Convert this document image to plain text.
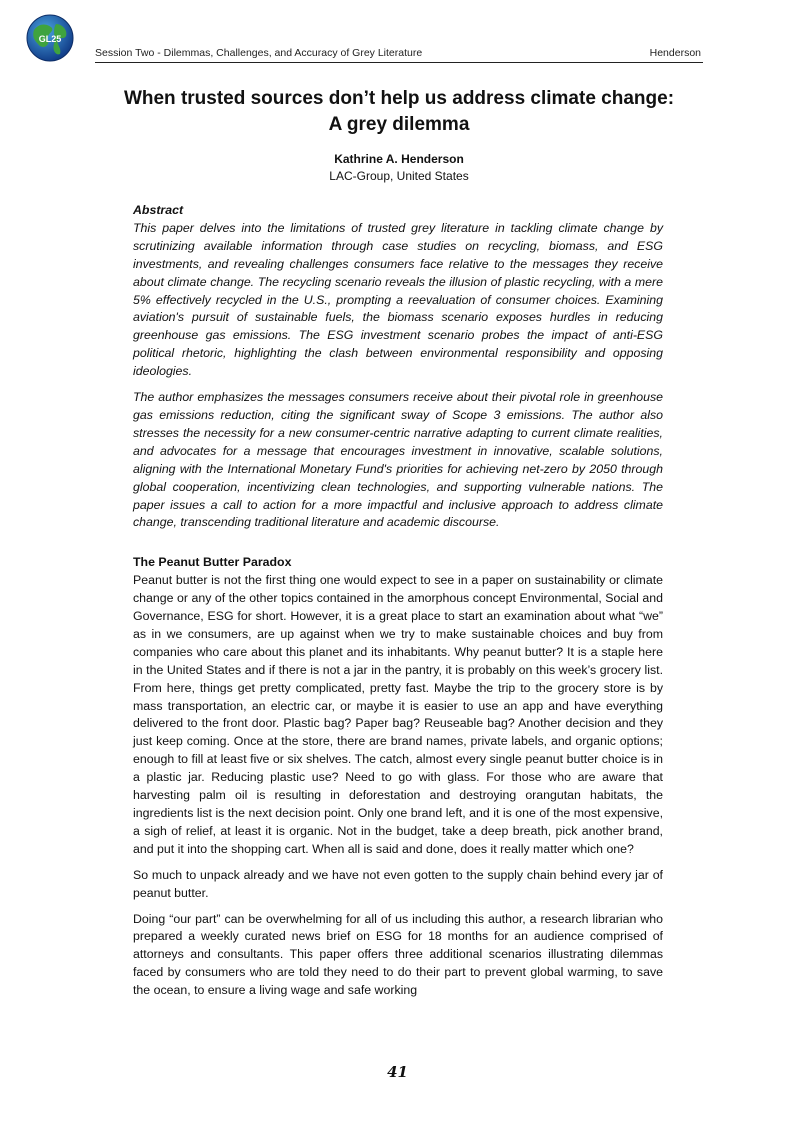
GL25
Session Two - Dilemmas, Challenges, and Accuracy of Grey Literature	Henderson
When trusted sources don’t help us address climate change:
A grey dilemma
Kathrine A. Henderson
LAC-Group, United States
Abstract

This paper delves into the limitations of trusted grey literature in tackling climate change by scrutinizing available information through case studies on recycling, biomass, and ESG investments, and revealing challenges consumers face relative to the messages they receive about climate change. The recycling scenario reveals the illusion of plastic recycling, with a mere 5% effectively recycled in the U.S., prompting a reevaluation of consumer choices. Examining aviation's pursuit of sustainable fuels, the biomass scenario exposes hurdles in reducing greenhouse gas emissions. The ESG investment scenario probes the impact of anti-ESG political rhetoric, highlighting the clash between environmental responsibility and opposing ideologies.

The author emphasizes the messages consumers receive about their pivotal role in greenhouse gas emissions reduction, citing the significant sway of Scope 3 emissions. The author also stresses the necessity for a new consumer-centric narrative adapting to current climate realities, and advocates for a message that encourages investment in innovative, scalable solutions, aligning with the International Monetary Fund's priorities for achieving net-zero by 2050 through global cooperation, incentivizing clean technologies, and supporting vulnerable nations. The paper issues a call to action for a more impactful and inclusive approach to address climate change, transcending traditional literature and academic discourse.

The Peanut Butter Paradox

Peanut butter is not the first thing one would expect to see in a paper on sustainability or climate change or any of the other topics contained in the amorphous concept Environmental, Social and Governance, ESG for short. However, it is a great place to start an examination about what “we” as in we consumers, are up against when we try to make sustainable choices and buy from companies who care about this planet and its inhabitants. Why peanut butter? It is a staple here in the United States and if there is not a jar in the pantry, it is probably on this week’s grocery list. From here, things get pretty complicated, pretty fast. Maybe the trip to the grocery store is by mass transportation, an electric car, or maybe it is easier to use an app and have everything delivered to the front door. Plastic bag? Paper bag? Reuseable bag? Another decision and they just keep coming. Once at the store, there are brand names, private labels, and organic options; enough to fill at least five or six shelves. The catch, almost every single peanut butter choice is in a plastic jar. Reducing plastic use? Need to go with glass. For those who are aware that harvesting palm oil is resulting in deforestation and destroying orangutan habitats, the ingredients list is the next decision point. Only one brand left, and it is one of the most expensive, a sigh of relief, at least it is organic. Not in the budget, take a deep breath, pick another brand, and put it into the shopping cart. When all is said and done, does it really matter which one?

So much to unpack already and we have not even gotten to the supply chain behind every jar of peanut butter.

Doing “our part” can be overwhelming for all of us including this author, a research librarian who prepared a weekly curated news brief on ESG for 18 months for an audience comprised of attorneys and consultants. This paper offers three additional scenarios illustrating dilemmas faced by consumers who are told they need to do their part to prevent global warming, to save the ocean, to ensure a living wage and safe working

41
